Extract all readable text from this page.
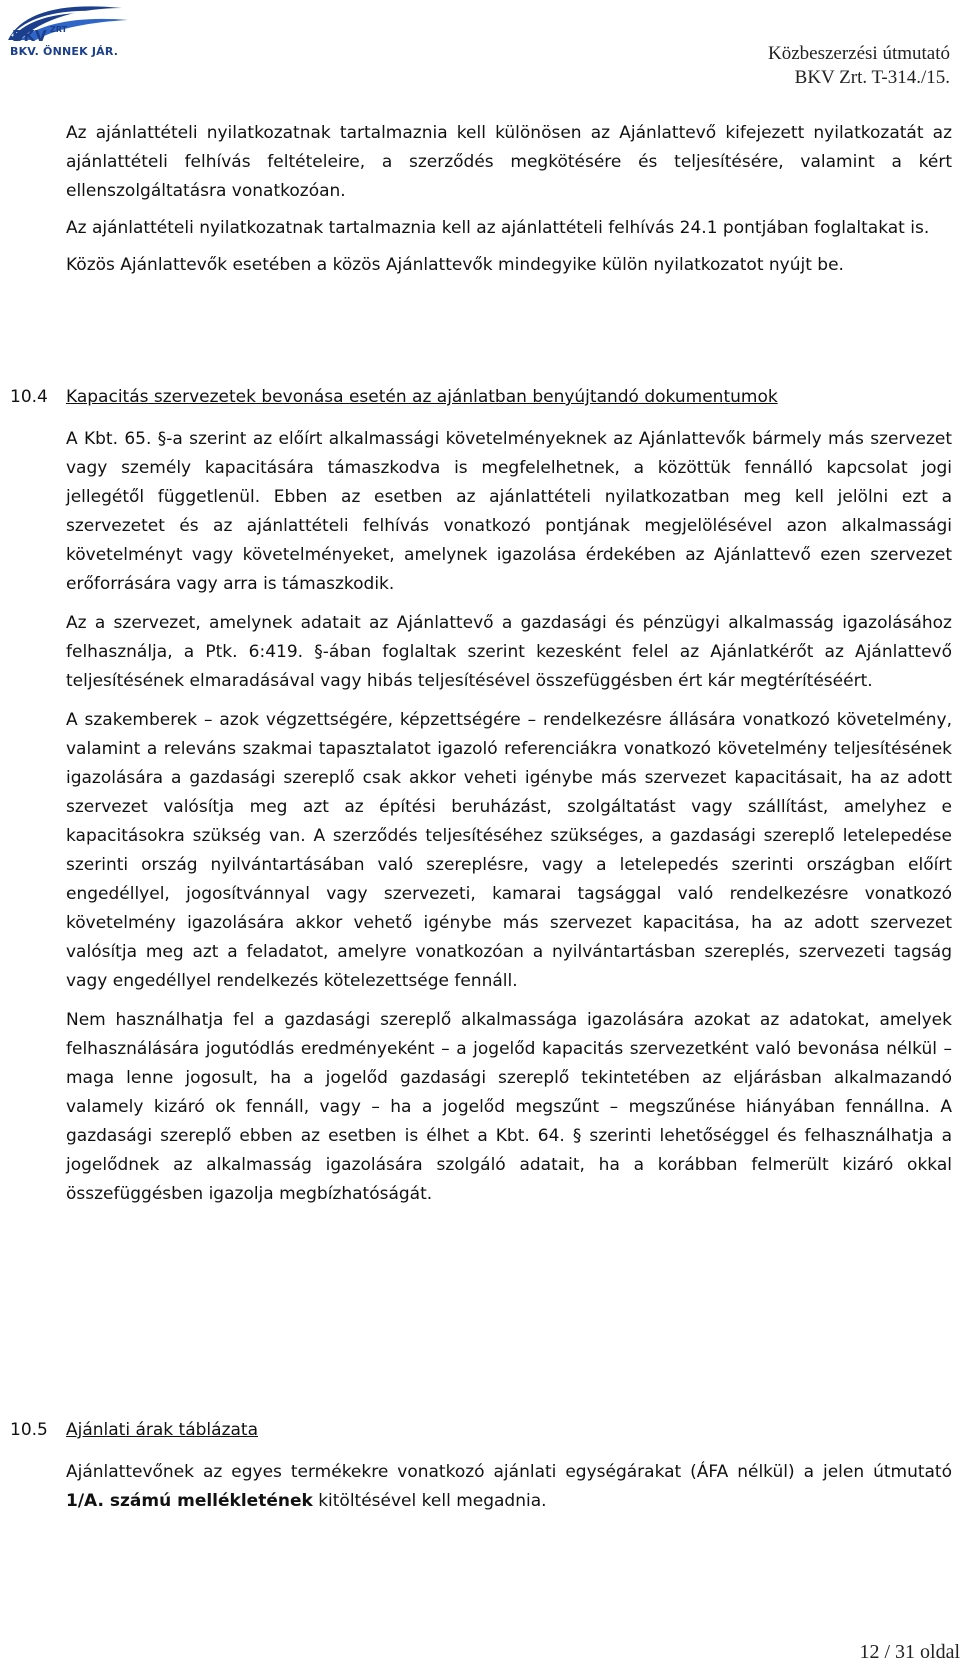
BKV ZRT
BKV. ÖNNEK JÁR.	Közbeszerzési útmutató
BKV Zrt. T-314./15.

Az ajánlattételi nyilatkozatnak tartalmaznia kell különösen az Ajánlattevő kifejezett nyilatkozatát az ajánlattételi felhívás feltételeire, a szerződés megkötésére és teljesítésére, valamint a kért ellenszolgáltatásra vonatkozóan.

Az ajánlattételi nyilatkozatnak tartalmaznia kell az ajánlattételi felhívás 24.1 pontjában foglaltakat is.

Közös Ajánlattevők esetében a közös Ajánlattevők mindegyike külön nyilatkozatot nyújt be.

10.4 Kapacitás szervezetek bevonása esetén az ajánlatban benyújtandó dokumentumok

A Kbt. 65. §-a szerint az előírt alkalmassági követelményeknek az Ajánlattevők bármely más szervezet vagy személy kapacitására támaszkodva is megfelelhetnek, a közöttük fennálló kapcsolat jogi jellegétől függetlenül. Ebben az esetben az ajánlattételi nyilatkozatban meg kell jelölni ezt a szervezetet és az ajánlattételi felhívás vonatkozó pontjának megjelölésével azon alkalmassági követelményt vagy követelményeket, amelynek igazolása érdekében az Ajánlattevő ezen szervezet erőforrására vagy arra is támaszkodik.

Az a szervezet, amelynek adatait az Ajánlattevő a gazdasági és pénzügyi alkalmasság igazolásához felhasználja, a Ptk. 6:419. §-ában foglaltak szerint kezesként felel az Ajánlatkérőt az Ajánlattevő teljesítésének elmaradásával vagy hibás teljesítésével összefüggésben ért kár megtérítéséért.

A szakemberek – azok végzettségére, képzettségére – rendelkezésre állására vonatkozó követelmény, valamint a releváns szakmai tapasztalatot igazoló referenciákra vonatkozó követelmény teljesítésének igazolására a gazdasági szereplő csak akkor veheti igénybe más szervezet kapacitásait, ha az adott szervezet valósítja meg azt az építési beruházást, szolgáltatást vagy szállítást, amelyhez e kapacitásokra szükség van. A szerződés teljesítéséhez szükséges, a gazdasági szereplő letelepedése szerinti ország nyilvántartásában való szereplésre, vagy a letelepedés szerinti országban előírt engedéllyel, jogosítvánnyal vagy szervezeti, kamarai tagsággal való rendelkezésre vonatkozó követelmény igazolására akkor vehető igénybe más szervezet kapacitása, ha az adott szervezet valósítja meg azt a feladatot, amelyre vonatkozóan a nyilvántartásban szereplés, szervezeti tagság vagy engedéllyel rendelkezés kötelezettsége fennáll.

Nem használhatja fel a gazdasági szereplő alkalmassága igazolására azokat az adatokat, amelyek felhasználására jogutódlás eredményeként – a jogelőd kapacitás szervezetként való bevonása nélkül – maga lenne jogosult, ha a jogelőd gazdasági szereplő tekintetében az eljárásban alkalmazandó valamely kizáró ok fennáll, vagy – ha a jogelőd megszűnt – megszűnése hiányában fennállna. A gazdasági szereplő ebben az esetben is élhet a Kbt. 64. § szerinti lehetőséggel és felhasználhatja a jogelődnek az alkalmasság igazolására szolgáló adatait, ha a korábban felmerült kizáró okkal összefüggésben igazolja megbízhatóságát.

10.5 Ajánlati árak táblázata

Ajánlattevőnek az egyes termékekre vonatkozó ajánlati egységárakat (ÁFA nélkül) a jelen útmutató 1/A. számú mellékletének kitöltésével kell megadnia.

12 / 31 oldal
